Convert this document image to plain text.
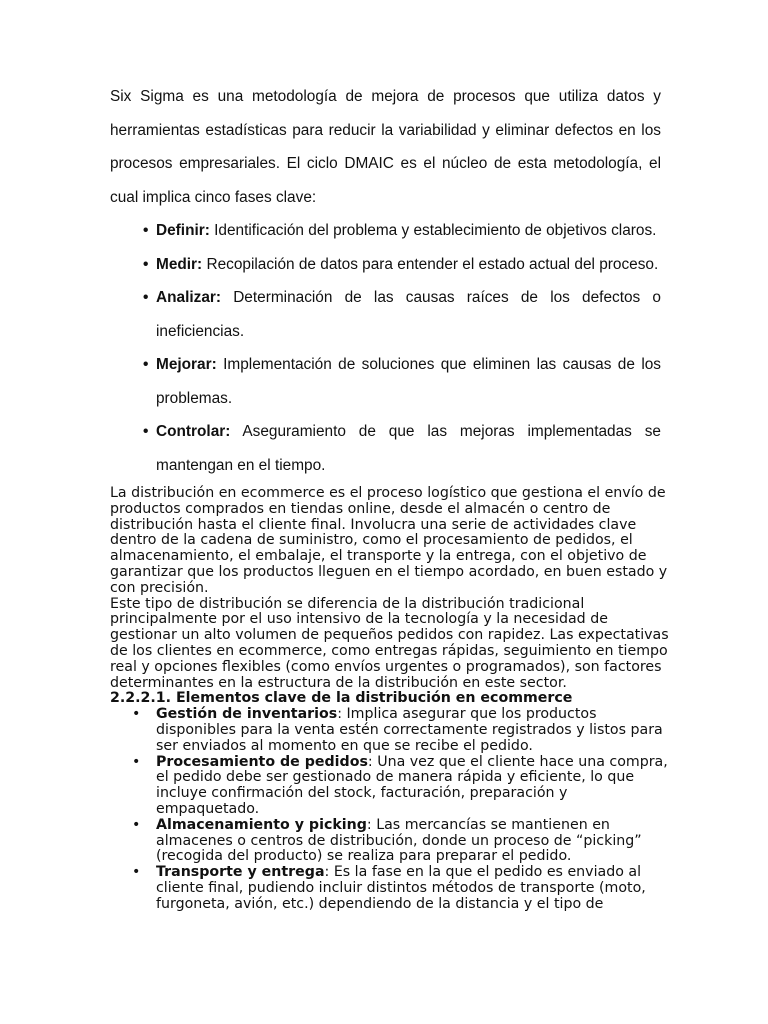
Six Sigma es una metodología de mejora de procesos que utiliza datos y herramientas estadísticas para reducir la variabilidad y eliminar defectos en los procesos empresariales. El ciclo DMAIC es el núcleo de esta metodología, el cual implica cinco fases clave:

• Definir: Identificación del problema y establecimiento de objetivos claros.
• Medir: Recopilación de datos para entender el estado actual del proceso.
• Analizar: Determinación de las causas raíces de los defectos o ineficiencias.
• Mejorar: Implementación de soluciones que eliminen las causas de los problemas.
• Controlar: Aseguramiento de que las mejoras implementadas se mantengan en el tiempo.

La distribución en ecommerce es el proceso logístico que gestiona el envío de productos comprados en tiendas online, desde el almacén o centro de distribución hasta el cliente final. Involucra una serie de actividades clave dentro de la cadena de suministro, como el procesamiento de pedidos, el almacenamiento, el embalaje, el transporte y la entrega, con el objetivo de garantizar que los productos lleguen en el tiempo acordado, en buen estado y con precisión.

Este tipo de distribución se diferencia de la distribución tradicional principalmente por el uso intensivo de la tecnología y la necesidad de gestionar un alto volumen de pequeños pedidos con rapidez. Las expectativas de los clientes en ecommerce, como entregas rápidas, seguimiento en tiempo real y opciones flexibles (como envíos urgentes o programados), son factores determinantes en la estructura de la distribución en este sector.

2.2.2.1. Elementos clave de la distribución en ecommerce
• Gestión de inventarios: Implica asegurar que los productos disponibles para la venta estén correctamente registrados y listos para ser enviados al momento en que se recibe el pedido.
• Procesamiento de pedidos: Una vez que el cliente hace una compra, el pedido debe ser gestionado de manera rápida y eficiente, lo que incluye confirmación del stock, facturación, preparación y empaquetado.
• Almacenamiento y picking: Las mercancías se mantienen en almacenes o centros de distribución, donde un proceso de “picking” (recogida del producto) se realiza para preparar el pedido.
• Transporte y entrega: Es la fase en la que el pedido es enviado al cliente final, pudiendo incluir distintos métodos de transporte (moto, furgoneta, avión, etc.) dependiendo de la distancia y el tipo de
